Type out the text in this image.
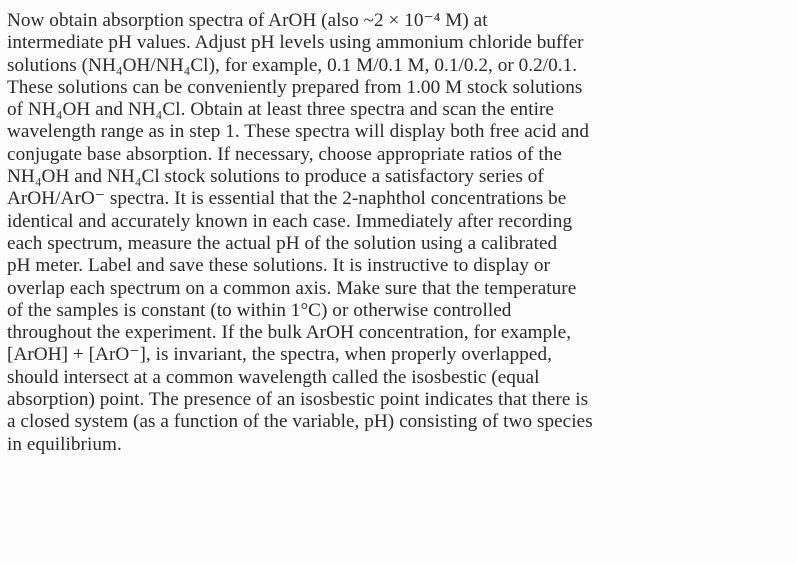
Now obtain absorption spectra of ArOH (also ~2 × 10⁻⁴ M) at
intermediate pH values. Adjust pH levels using ammonium chloride buffer
solutions (NH₄OH/NH₄Cl), for example, 0.1 M/0.1 M, 0.1/0.2, or 0.2/0.1.
These solutions can be conveniently prepared from 1.00 M stock solutions
of NH₄OH and NH₄Cl. Obtain at least three spectra and scan the entire
wavelength range as in step 1. These spectra will display both free acid and
conjugate base absorption. If necessary, choose appropriate ratios of the
NH₄OH and NH₄Cl stock solutions to produce a satisfactory series of
ArOH/ArO⁻ spectra. It is essential that the 2-naphthol concentrations be
identical and accurately known in each case. Immediately after recording
each spectrum, measure the actual pH of the solution using a calibrated
pH meter. Label and save these solutions. It is instructive to display or
overlap each spectrum on a common axis. Make sure that the temperature
of the samples is constant (to within 1°C) or otherwise controlled
throughout the experiment. If the bulk ArOH concentration, for example,
[ArOH] + [ArO⁻], is invariant, the spectra, when properly overlapped,
should intersect at a common wavelength called the isosbestic (equal
absorption) point. The presence of an isosbestic point indicates that there is
a closed system (as a function of the variable, pH) consisting of two species
in equilibrium.
